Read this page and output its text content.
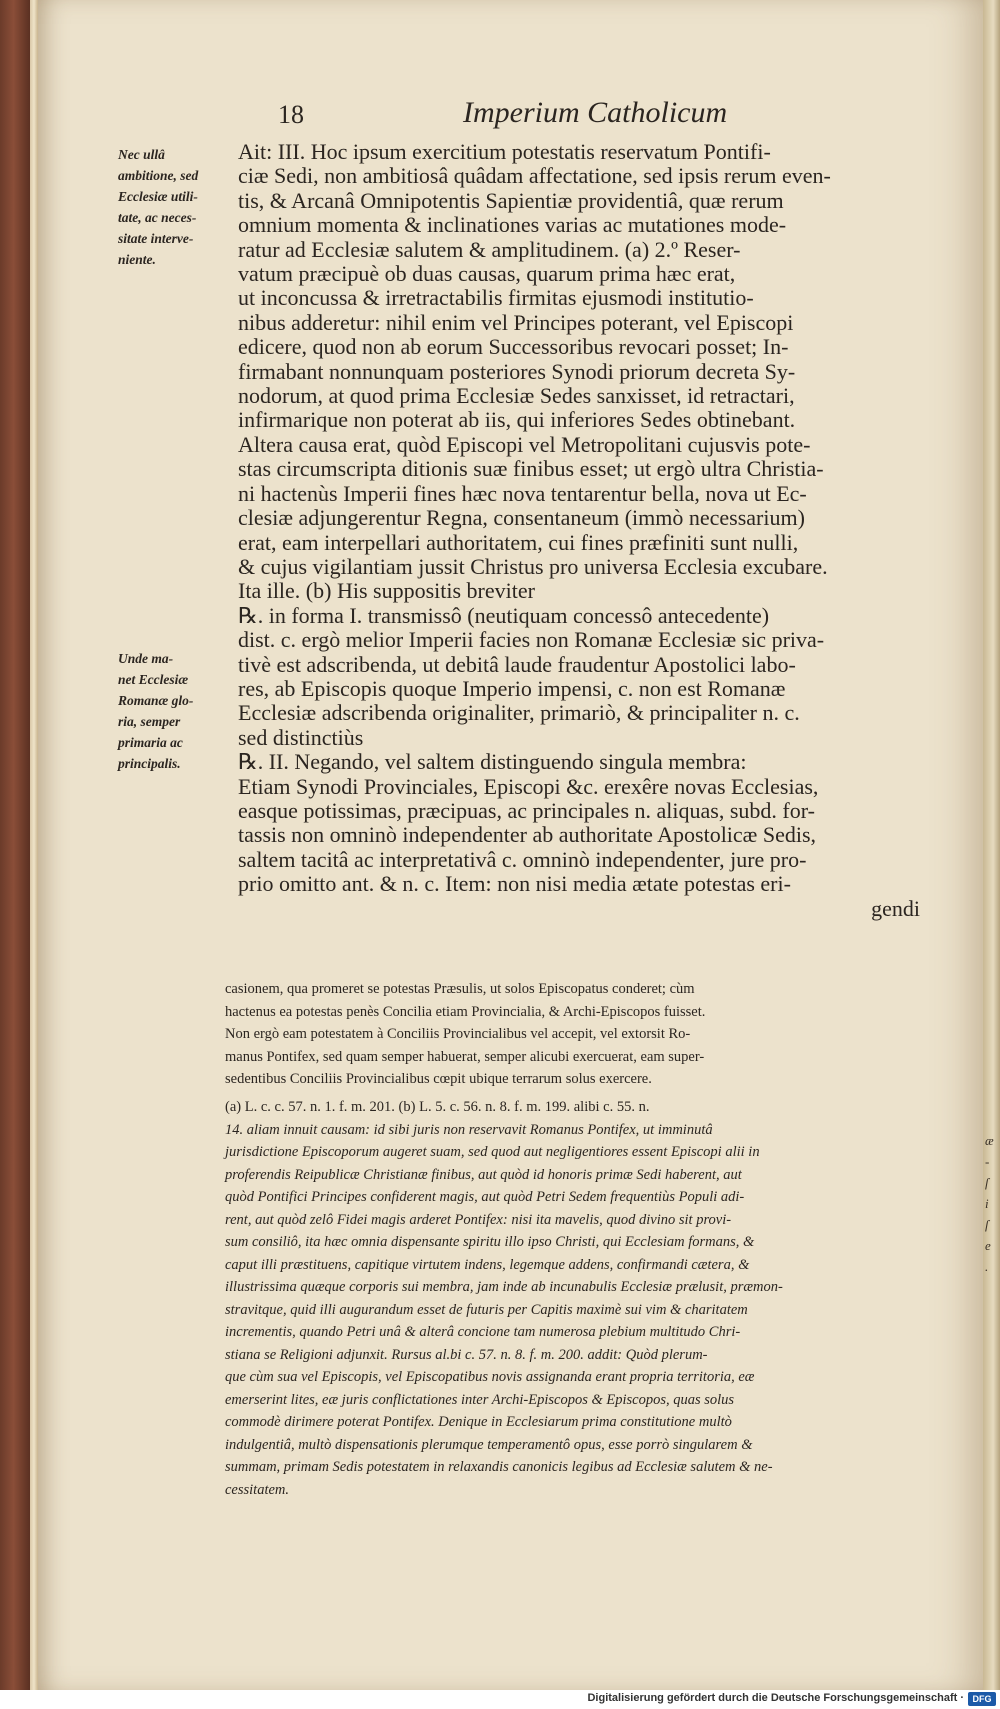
18	Imperium Catholicum
Nec ullâ
ambitione, sed
Ecclesiæ utili-
tate, ac neces-
sitate interve-
niente.
Unde ma-
net Ecclesiæ
Romanæ glo-
ria, semper
primaria ac
principalis.
Ait: III. Hoc ipsum exercitium potestatis reservatum Pontifi-
ciæ Sedi, non ambitiosâ quâdam affectatione, sed ipsis rerum even-
tis, & Arcanâ Omnipotentis Sapientiæ providentiâ, quæ rerum
omnium momenta & inclinationes varias ac mutationes mode-
ratur ad Ecclesiæ salutem & amplitudinem. (a) 2.º Reser-
vatum præcipuè ob duas causas, quarum prima hæc erat,
ut inconcussa & irretractabilis firmitas ejusmodi institutio-
nibus adderetur: nihil enim vel Principes poterant, vel Episcopi
edicere, quod non ab eorum Successoribus revocari posset; In-
firmabant nonnunquam posteriores Synodi priorum decreta Sy-
nodorum, at quod prima Ecclesiæ Sedes sanxisset, id retractari,
infirmarique non poterat ab iis, qui inferiores Sedes obtinebant.
Altera causa erat, quòd Episcopi vel Metropolitani cujusvis pote-
stas circumscripta ditionis suæ finibus esset; ut ergò ultra Christia-
ni hactenùs Imperii fines hæc nova tentarentur bella, nova ut Ec-
clesiæ adjungerentur Regna, consentaneum (immò necessarium)
erat, eam interpellari authoritatem, cui fines præfiniti sunt nulli,
& cujus vigilantiam jussit Christus pro universa Ecclesia excubare.
Ita ille. (b) His suppositis breviter
℞. in forma I. transmissô (neutiquam concessô antecedente)
dist. c. ergò melior Imperii facies non Romanæ Ecclesiæ sic priva-
tivè est adscribenda, ut debitâ laude fraudentur Apostolici labo-
res, ab Episcopis quoque Imperio impensi, c. non est Romanæ
Ecclesiæ adscribenda originaliter, primariò, & principaliter n. c.
sed distinctiùs
℞. II. Negando, vel saltem distinguendo singula membra:
Etiam Synodi Provinciales, Episcopi &c. erexêre novas Ecclesias,
easque potissimas, præcipuas, ac principales n. aliquas, subd. for-
tassis non omninò independenter ab authoritate Apostolicæ Sedis,
saltem tacitâ ac interpretativâ c. omninò independenter, jure pro-
prio omitto ant. & n. c. Item: non nisi media ætate potestas eri-
gendi
casionem, qua promeret se potestas Præsulis, ut solos Episcopatus conderet; cùm
hactenus ea potestas penès Concilia etiam Provincialia, & Archi-Episcopos fuisset.
Non ergò eam potestatem à Conciliis Provincialibus vel accepit, vel extorsit Ro-
manus Pontifex, sed quam semper habuerat, semper alicubi exercuerat, eam super-
sedentibus Conciliis Provincialibus cœpit ubique terrarum solus exercere.
(a) L. c. c. 57. n. 1. f. m. 201. (b) L. 5. c. 56. n. 8. f. m. 199. alibi c. 55. n.
14. aliam innuit causam: id sibi juris non reservavit Romanus Pontifex, ut imminutâ
jurisdictione Episcoporum augeret suam, sed quod aut negligentiores essent Episcopi alii in
proferendis Reipublicæ Christianæ finibus, aut quòd id honoris primæ Sedi haberent, aut
quòd Pontifici Principes confiderent magis, aut quòd Petri Sedem frequentiùs Populi adi-
rent, aut quòd zelô Fidei magis arderet Pontifex: nisi ita mavelis, quod divino sit provi-
sum consiliô, ita hæc omnia dispensante spiritu illo ipso Christi, qui Ecclesiam formans, &
caput illi præstituens, capitique virtutem indens, legemque addens, confirmandi cætera, &
illustrissima quæque corporis sui membra, jam inde ab incunabulis Ecclesiæ prælusit, præmon-
stravitque, quid illi augurandum esset de futuris per Capitis maximè sui vim & charitatem
incrementis, quando Petri unâ & alterâ concione tam numerosa plebium multitudo Chri-
stiana se Religioni adjunxit. Rursus al.bi c. 57. n. 8. f. m. 200. addit: Quòd plerum-
que cùm sua vel Episcopis, vel Episcopatibus novis assignanda erant propria territoria, eæ
emerserint lites, eæ juris conflictationes inter Archi-Episcopos & Episcopos, quas solus
commodè dirimere poterat Pontifex. Denique in Ecclesiarum prima constitutione multò
indulgentiâ, multò dispensationis plerumque temperamentô opus, esse porrò singularem &
summam, primam Sedis potestatem in relaxandis canonicis legibus ad Ecclesiæ salutem & ne-
cessitatem.
æ
-
ſ
i
ſ
e
.
Digitalisierung gefördert durch die Deutsche Forschungsgemeinschaft · DFG
